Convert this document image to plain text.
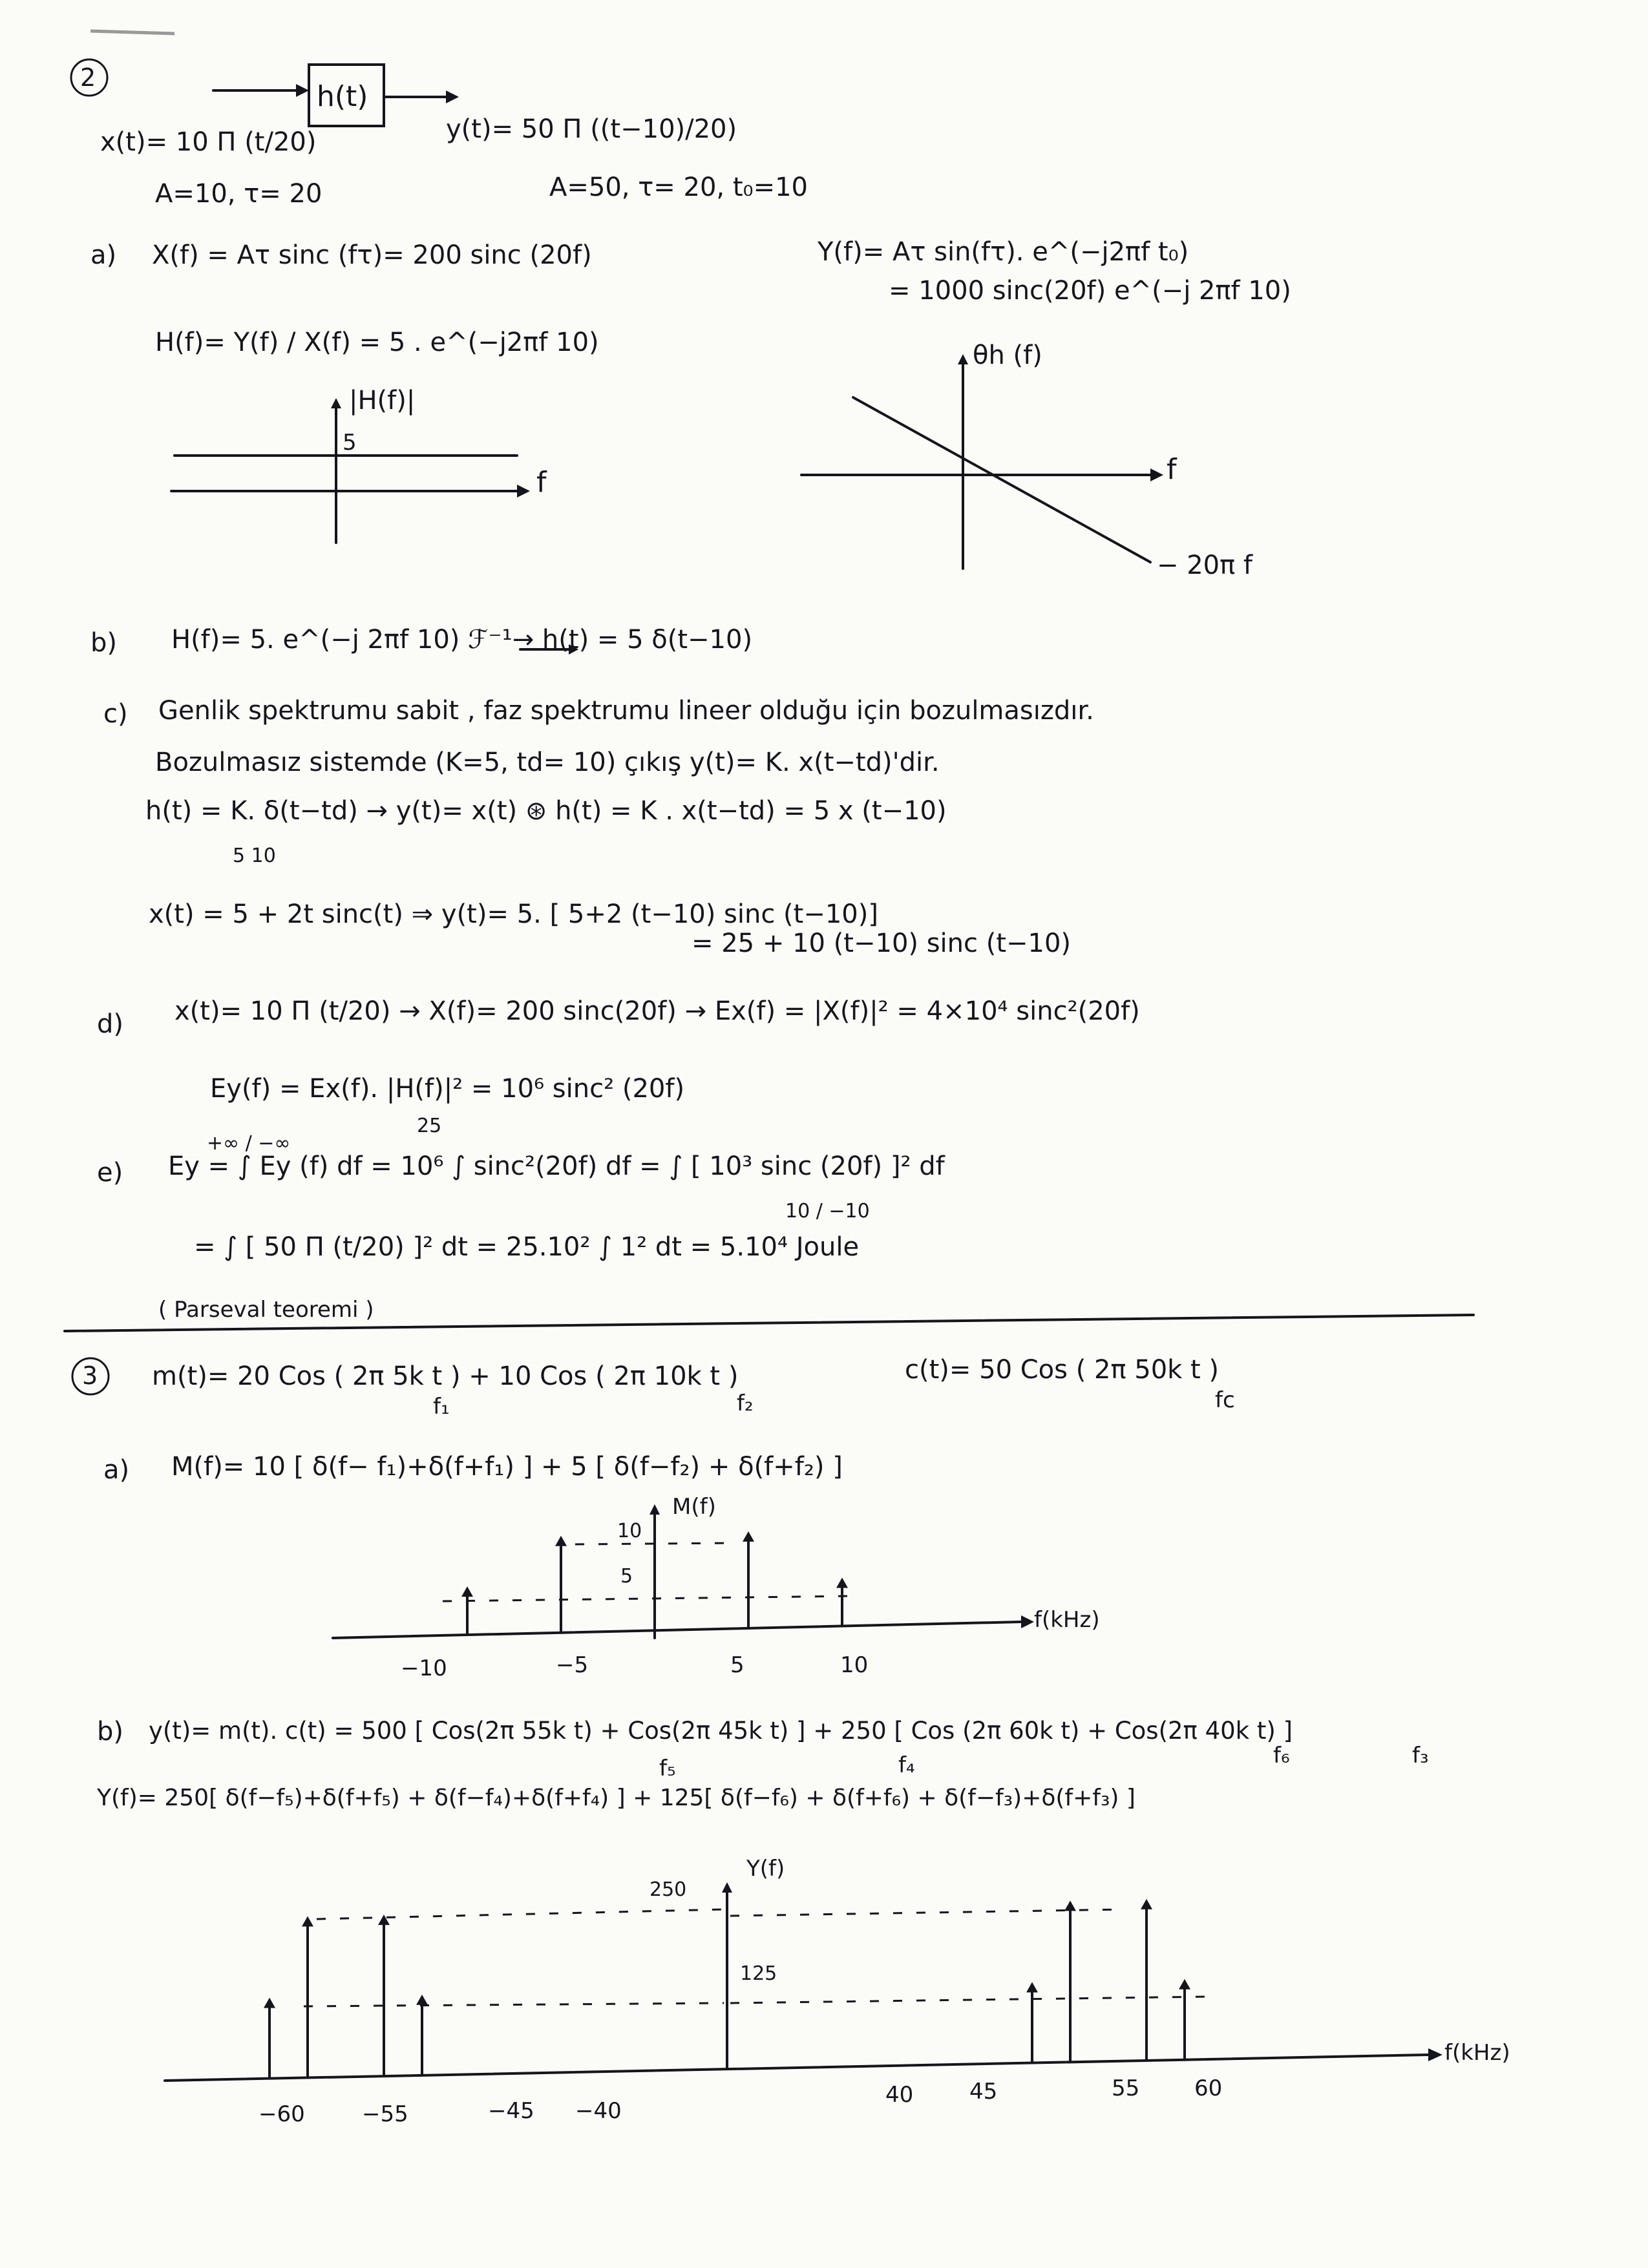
2
h(t)
x(t)= 10 Π (t/20)	y(t)= 50 Π ((t−10)/20)
A=10, τ= 20	A=50, τ= 20, t₀=10
a) X(f) = Aτ sinc (fτ)= 200 sinc (20f)	Y(f)= Aτ sin(fτ). e^(−j2πf t₀)
= 1000 sinc(20f) e^(−j 2πf 10)
H(f)= Y(f) / X(f) = 5 . e^(−j2πf 10)
|H(f)|
5
f
θh (f)
f
− 20π f
b) H(f)= 5. e^(−j 2πf 10) ℱ⁻¹→ h(t) = 5 δ(t−10)
c) Genlik spektrumu sabit , faz spektrumu lineer olduğu için bozulmasızdır.
Bozulmasız sistemde (K=5, td= 10) çıkış y(t)= K. x(t−td)'dir.
h(t) = K. δ(t−td) → y(t)= x(t) ⊛ h(t) = K . x(t−td) = 5 x (t−10)
5 10
x(t) = 5 + 2t sinc(t) ⇒ y(t)= 5. [ 5+2 (t−10) sinc (t−10)]
= 25 + 10 (t−10) sinc (t−10)
d) x(t)= 10 Π (t/20) → X(f)= 200 sinc(20f) → Ex(f) = |X(f)|² = 4×10⁴ sinc²(20f)
Ey(f) = Ex(f). |H(f)|² = 10⁶ sinc² (20f)
25
e) Ey = ∫ Ey (f) df = 10⁶ ∫ sinc²(20f) df = ∫ [ 10³ sinc (20f) ]² df
+∞ / −∞
= ∫ [ 50 Π (t/20) ]² dt = 25.10² ∫ 1² dt = 5.10⁴ Joule
10 / −10
( Parseval teoremi )
3 m(t)= 20 Cos ( 2π 5k t ) + 10 Cos ( 2π 10k t )
f₁	f₂
c(t)= 50 Cos ( 2π 50k t )
fc
a) M(f)= 10 [ δ(f− f₁)+δ(f+f₁) ] + 5 [ δ(f−f₂) + δ(f+f₂) ]
M(f)
10
5
f(kHz)
−10	−5	5	10
b) y(t)= m(t). c(t) = 500 [ Cos(2π 55k t) + Cos(2π 45k t) ] + 250 [ Cos (2π 60k t) + Cos(2π 40k t) ]
f₅	f₄	f₆	f₃
Y(f)= 250[ δ(f−f₅)+δ(f+f₅) + δ(f−f₄)+δ(f+f₄) ] + 125[ δ(f−f₆) + δ(f+f₆) + δ(f−f₃)+δ(f+f₃) ]
Y(f)
250
125
f(kHz)
−60	−55	−45 −40
40	45	55 60
